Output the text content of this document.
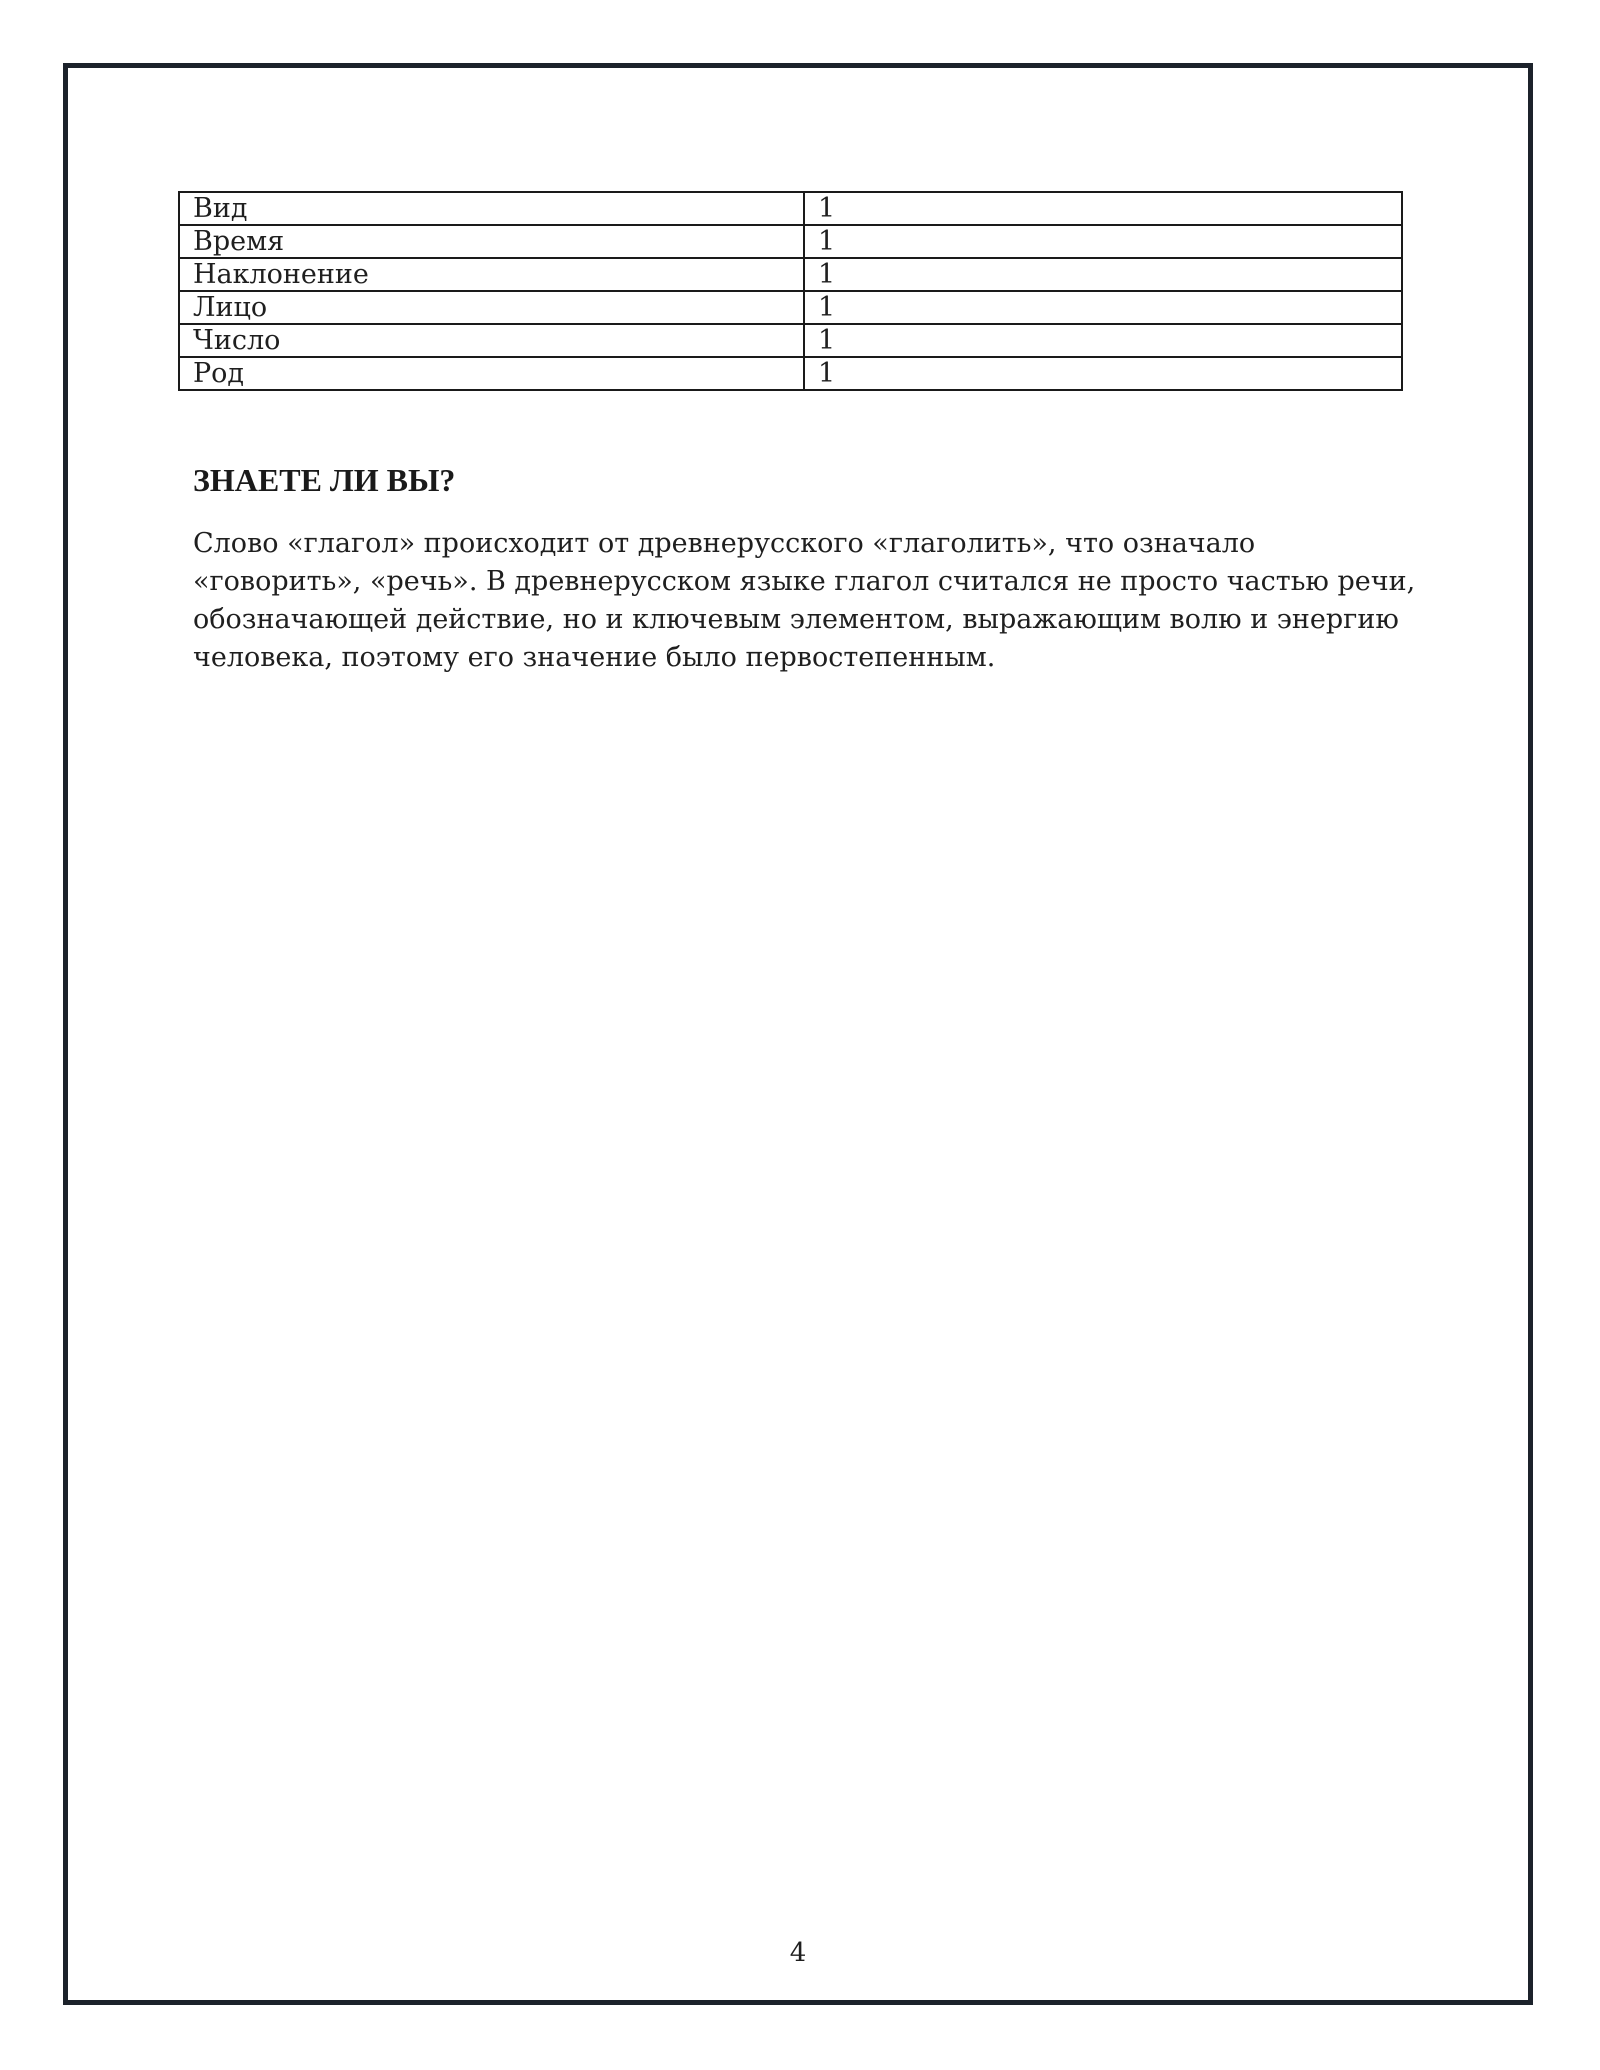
Вид	1
Время	1
Наклонение	1
Лицо	1
Число	1
Род	1
ЗНАЕТЕ ЛИ ВЫ?

Слово «глагол» происходит от древнерусского «глаголить», что означало «говорить», «речь». В древнерусском языке глагол считался не просто частью речи, обозначающей действие, но и ключевым элементом, выражающим волю и энергию человека, поэтому его значение было первостепенным.

4
